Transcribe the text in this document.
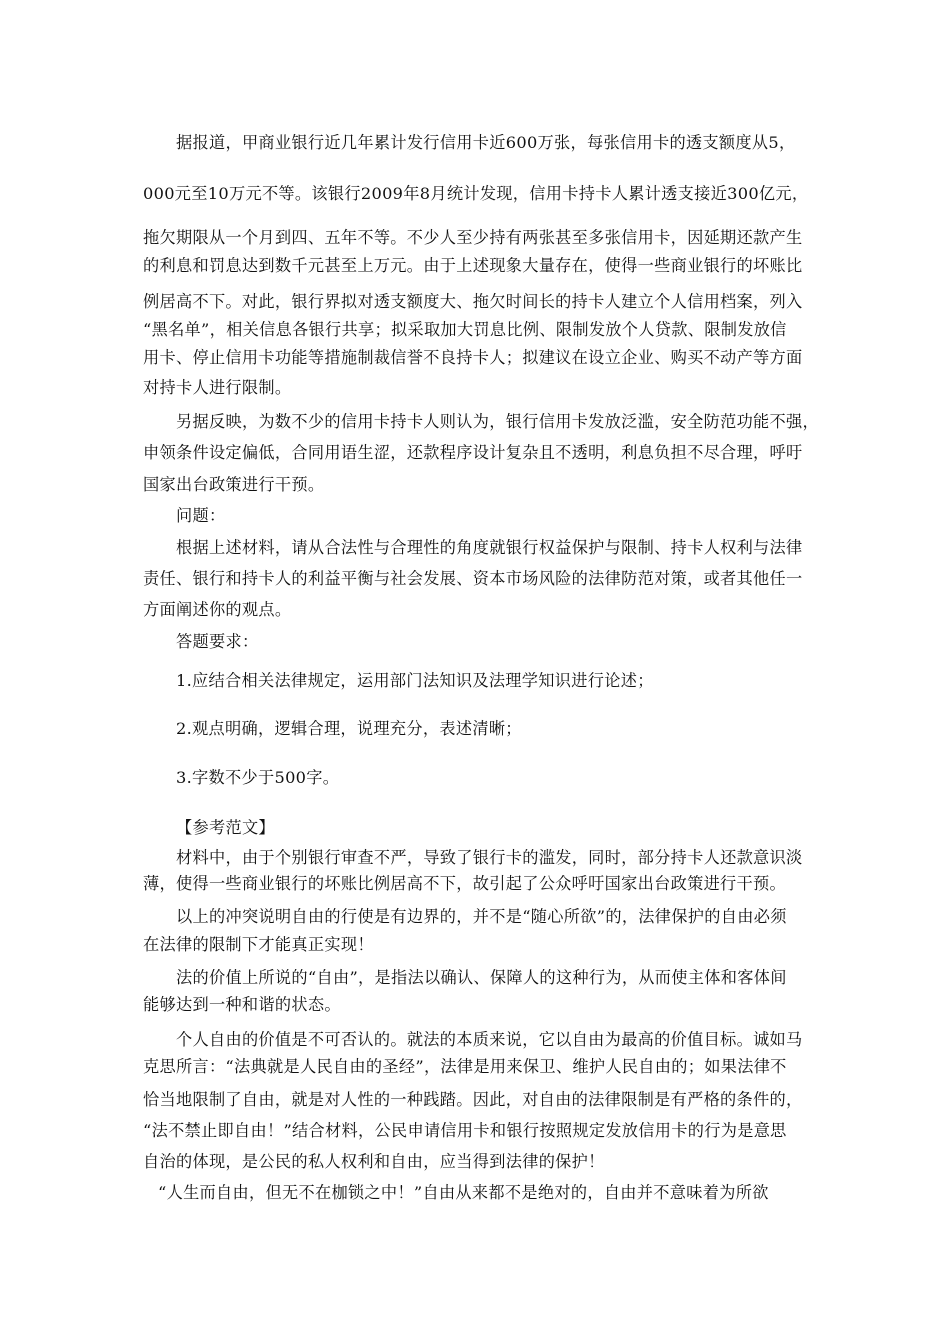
据报道，甲商业银行近几年累计发行信用卡近600万张，每张信用卡的透支额度从5，
000元至10万元不等。该银行2009年8月统计发现，信用卡持卡人累计透支接近300亿元，
拖欠期限从一个月到四、五年不等。不少人至少持有两张甚至多张信用卡，因延期还款产生
的利息和罚息达到数千元甚至上万元。由于上述现象大量存在，使得一些商业银行的坏账比
例居高不下。对此，银行界拟对透支额度大、拖欠时间长的持卡人建立个人信用档案，列入
“黑名单”，相关信息各银行共享；拟采取加大罚息比例、限制发放个人贷款、限制发放信
用卡、停止信用卡功能等措施制裁信誉不良持卡人；拟建议在设立企业、购买不动产等方面
对持卡人进行限制。
另据反映，为数不少的信用卡持卡人则认为，银行信用卡发放泛滥，安全防范功能不强，
申领条件设定偏低，合同用语生涩，还款程序设计复杂且不透明，利息负担不尽合理，呼吁
国家出台政策进行干预。
问题：
根据上述材料，请从合法性与合理性的角度就银行权益保护与限制、持卡人权利与法律
责任、银行和持卡人的利益平衡与社会发展、资本市场风险的法律防范对策，或者其他任一
方面阐述你的观点。
答题要求：
1.应结合相关法律规定，运用部门法知识及法理学知识进行论述；
2.观点明确，逻辑合理，说理充分，表述清晰；
3.字数不少于500字。
【参考范文】
材料中，由于个别银行审查不严，导致了银行卡的滥发，同时，部分持卡人还款意识淡
薄，使得一些商业银行的坏账比例居高不下，故引起了公众呼吁国家出台政策进行干预。
以上的冲突说明自由的行使是有边界的，并不是“随心所欲”的，法律保护的自由必须
在法律的限制下才能真正实现！
法的价值上所说的“自由”，是指法以确认、保障人的这种行为，从而使主体和客体间
能够达到一种和谐的状态。
个人自由的价值是不可否认的。就法的本质来说，它以自由为最高的价值目标。诚如马
克思所言：“法典就是人民自由的圣经”，法律是用来保卫、维护人民自由的；如果法律不
恰当地限制了自由，就是对人性的一种践踏。因此，对自由的法律限制是有严格的条件的，
“法不禁止即自由！”结合材料，公民申请信用卡和银行按照规定发放信用卡的行为是意思
自治的体现，是公民的私人权利和自由，应当得到法律的保护！
“人生而自由，但无不在枷锁之中！”自由从来都不是绝对的，自由并不意味着为所欲
